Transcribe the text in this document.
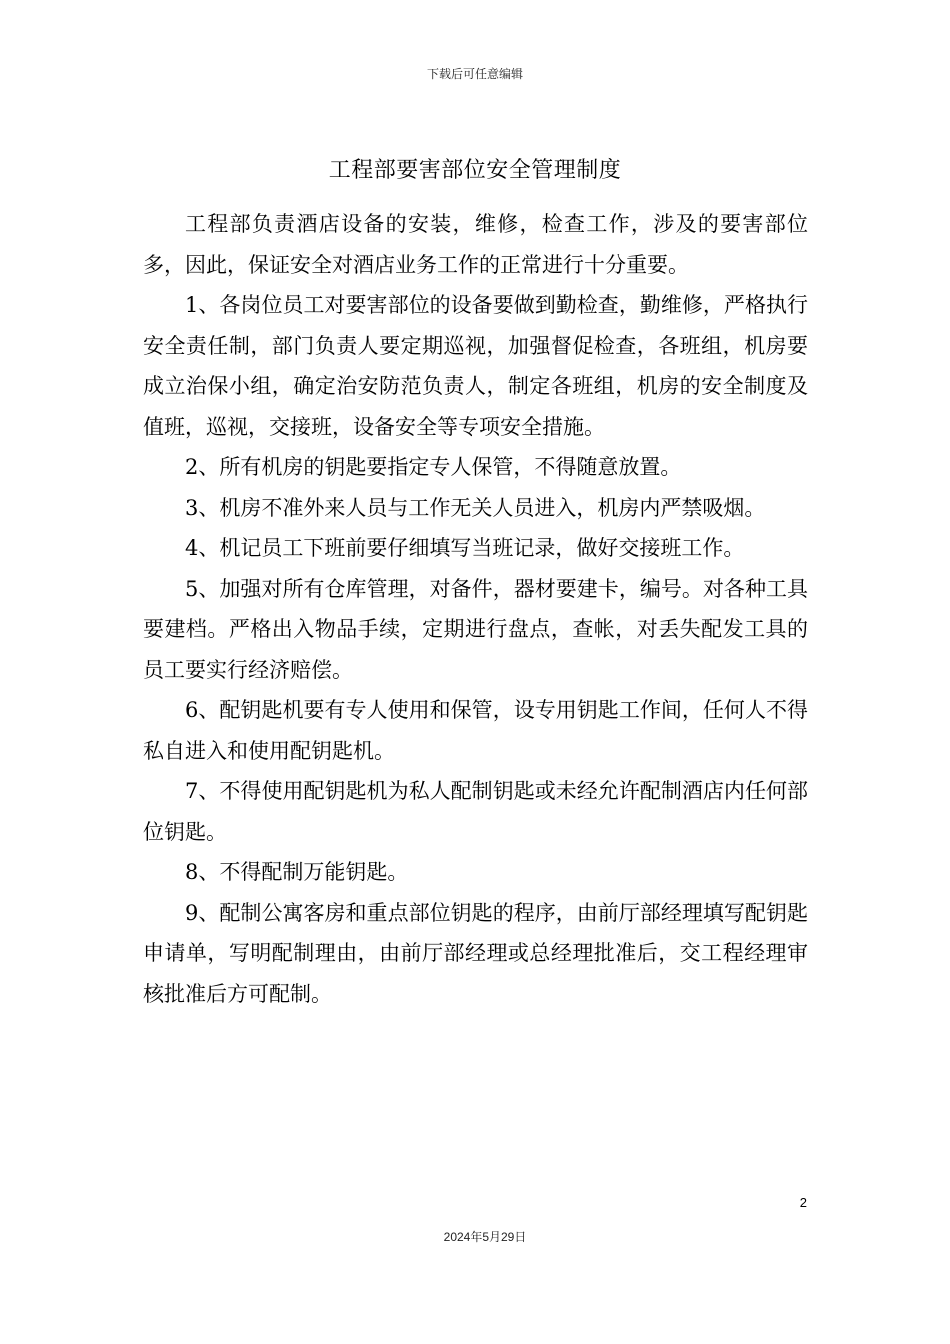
下载后可任意编辑
工程部要害部位安全管理制度

工程部负责酒店设备的安装，维修，检查工作，涉及的要害部位多，因此，保证安全对酒店业务工作的正常进行十分重要。

1、各岗位员工对要害部位的设备要做到勤检查，勤维修，严格执行安全责任制，部门负责人要定期巡视，加强督促检查，各班组，机房要成立治保小组，确定治安防范负责人，制定各班组，机房的安全制度及值班，巡视，交接班，设备安全等专项安全措施。

2、所有机房的钥匙要指定专人保管，不得随意放置。

3、机房不准外来人员与工作无关人员进入，机房内严禁吸烟。

4、机记员工下班前要仔细填写当班记录，做好交接班工作。

5、加强对所有仓库管理，对备件，器材要建卡，编号。对各种工具要建档。严格出入物品手续，定期进行盘点，查帐，对丢失配发工具的员工要实行经济赔偿。

6、配钥匙机要有专人使用和保管，设专用钥匙工作间，任何人不得私自进入和使用配钥匙机。

7、不得使用配钥匙机为私人配制钥匙或未经允许配制酒店内任何部位钥匙。

8、不得配制万能钥匙。

9、配制公寓客房和重点部位钥匙的程序，由前厅部经理填写配钥匙申请单，写明配制理由，由前厅部经理或总经理批准后，交工程经理审核批准后方可配制。

2
2024年5月29日
